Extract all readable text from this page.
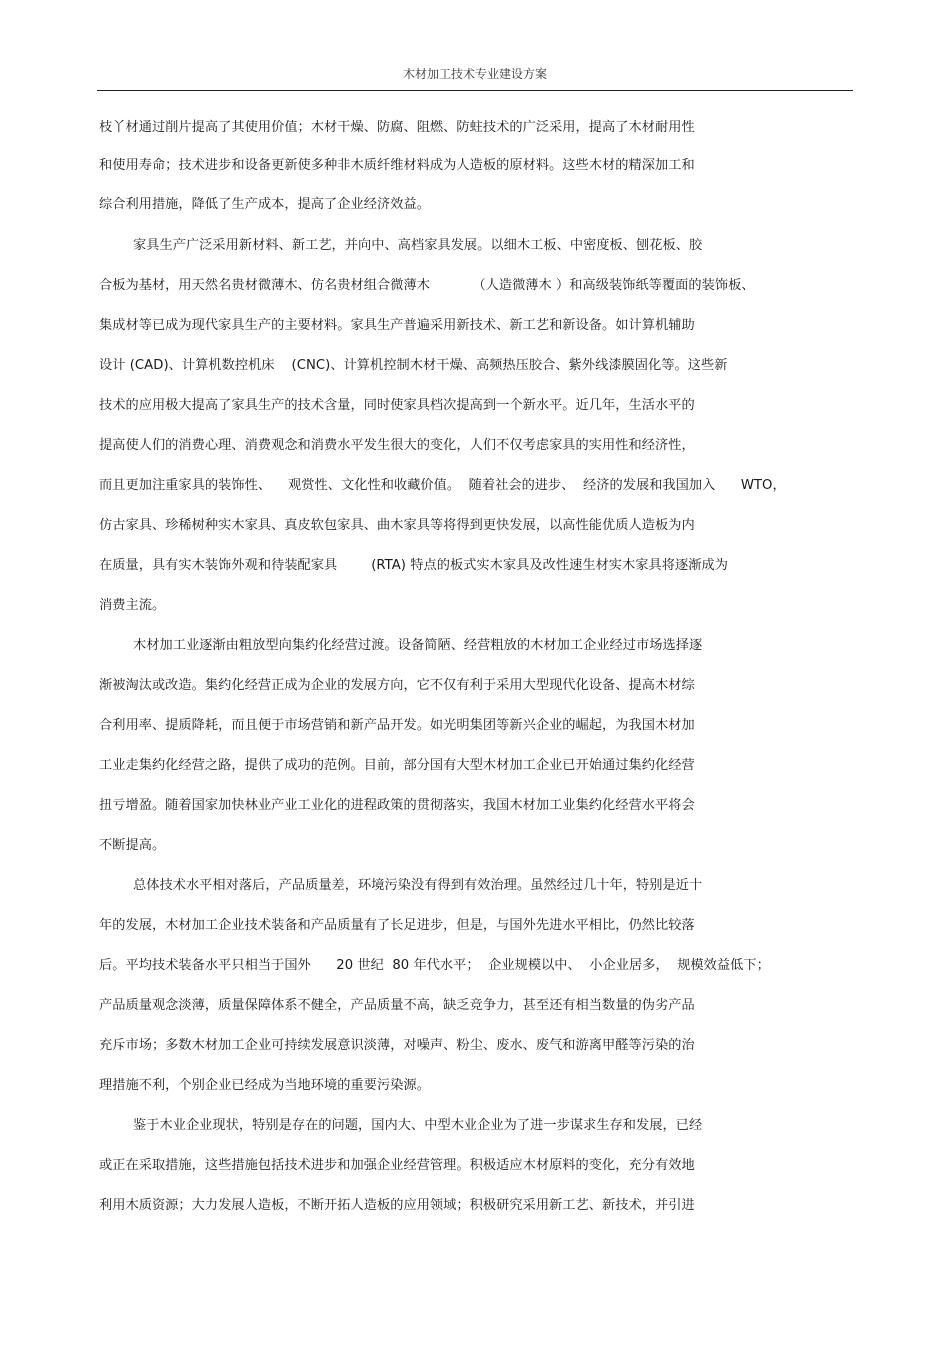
木材加工技术专业建设方案
枝丫材通过削片提高了其使用价值；木材干燥、防腐、阻燃、防蛀技术的广泛采用，提高了木材耐用性
和使用寿命；技术进步和设备更新使多种非木质纤维材料成为人造板的原材料。这些木材的精深加工和
综合利用措施，降低了生产成本，提高了企业经济效益。
家具生产广泛采用新材料、新工艺，并向中、高档家具发展。以细木工板、中密度板、刨花板、胶
合板为基材，用天然名贵材微薄木、仿名贵材组合微薄木          （人造微薄木 ）和高级装饰纸等覆面的装饰板、
集成材等已成为现代家具生产的主要材料。家具生产普遍采用新技术、新工艺和新设备。如计算机辅助
设计 (CAD)、计算机数控机床    (CNC)、计算机控制木材干燥、高频热压胶合、紫外线漆膜固化等。这些新
技术的应用极大提高了家具生产的技术含量，同时使家具档次提高到一个新水平。近几年，生活水平的
提高使人们的消费心理、消费观念和消费水平发生很大的变化，人们不仅考虑家具的实用性和经济性，
而且更加注重家具的装饰性、    观赏性、文化性和收藏价值。  随着社会的进步、  经济的发展和我国加入      WTO，
仿古家具、珍稀树种实木家具、真皮软包家具、曲木家具等将得到更快发展，以高性能优质人造板为内
在质量，具有实木装饰外观和待装配家具        (RTA) 特点的板式实木家具及改性速生材实木家具将逐渐成为
消费主流。
木材加工业逐渐由粗放型向集约化经营过渡。设备简陋、经营粗放的木材加工企业经过市场选择逐
渐被淘汰或改造。集约化经营正成为企业的发展方向，它不仅有利于采用大型现代化设备、提高木材综
合利用率、提质降耗，而且便于市场营销和新产品开发。如光明集团等新兴企业的崛起，为我国木材加
工业走集约化经营之路，提供了成功的范例。目前，部分国有大型木材加工企业已开始通过集约化经营
扭亏增盈。随着国家加快林业产业工业化的进程政策的贯彻落实，我国木材加工业集约化经营水平将会
不断提高。
总体技术水平相对落后，产品质量差，环境污染没有得到有效治理。虽然经过几十年，特别是近十
年的发展，木材加工企业技术装备和产品质量有了长足进步，但是，与国外先进水平相比，仍然比较落
后。平均技术装备水平只相当于国外      20 世纪  80 年代水平；  企业规模以中、  小企业居多，  规模效益低下；
产品质量观念淡薄，质量保障体系不健全，产品质量不高，缺乏竞争力，甚至还有相当数量的伪劣产品
充斥市场；多数木材加工企业可持续发展意识淡薄，对噪声、粉尘、废水、废气和游离甲醛等污染的治
理措施不利，个别企业已经成为当地环境的重要污染源。
鉴于木业企业现状，特别是存在的问题，国内大、中型木业企业为了进一步谋求生存和发展，已经
或正在采取措施，这些措施包括技术进步和加强企业经营管理。积极适应木材原料的变化，充分有效地
利用木质资源；大力发展人造板，不断开拓人造板的应用领域；积极研究采用新工艺、新技术，并引进
